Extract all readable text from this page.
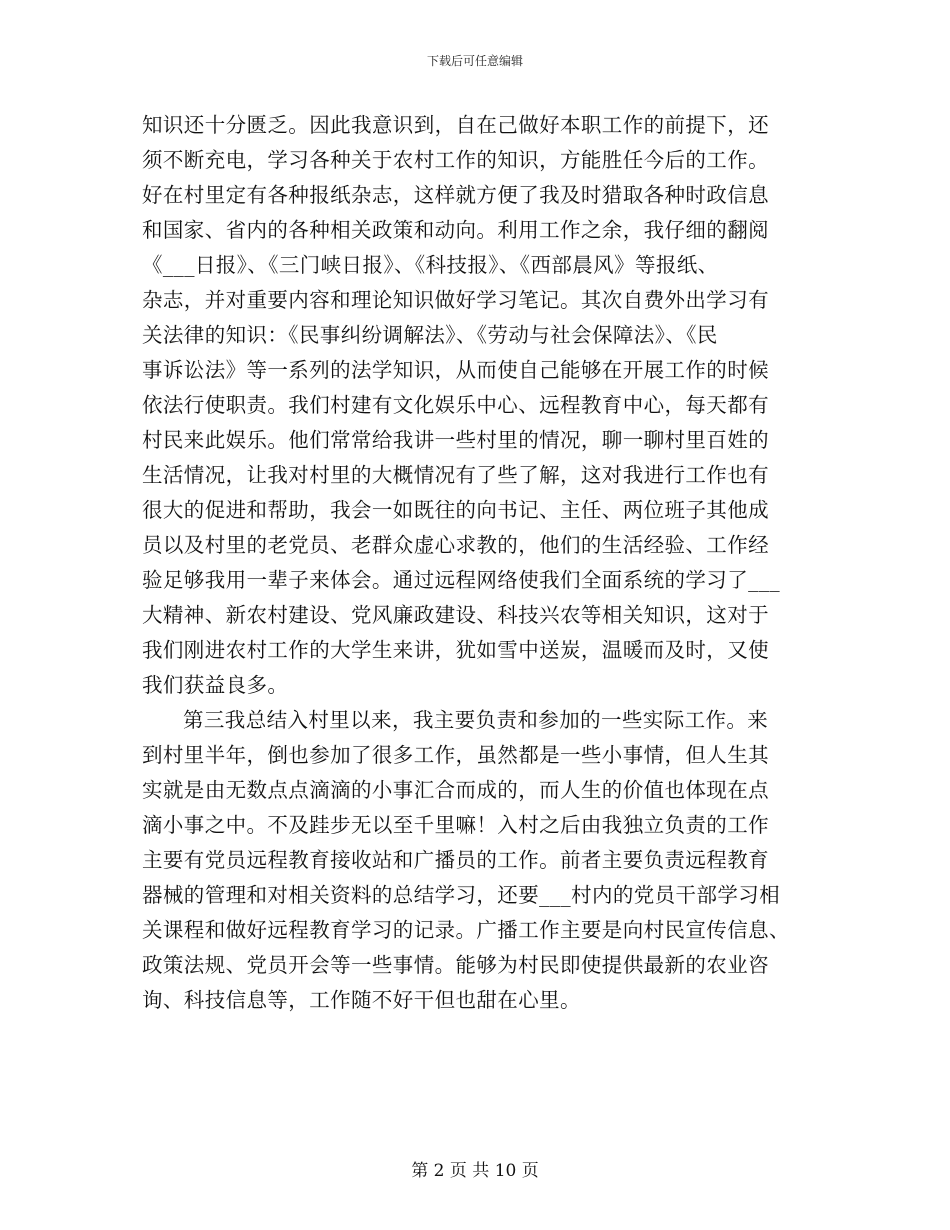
下载后可任意编辑
知识还十分匮乏。因此我意识到，自在己做好本职工作的前提下，还
须不断充电，学习各种关于农村工作的知识，方能胜任今后的工作。
好在村里定有各种报纸杂志，这样就方便了我及时猎取各种时政信息
和国家、省内的各种相关政策和动向。利用工作之余，我仔细的翻阅
《___日报》、《三门峡日报》、《科技报》、《西部晨风》等报纸、
杂志，并对重要内容和理论知识做好学习笔记。其次自费外出学习有
关法律的知识：《民事纠纷调解法》、《劳动与社会保障法》、《民
事诉讼法》等一系列的法学知识，从而使自己能够在开展工作的时候
依法行使职责。我们村建有文化娱乐中心、远程教育中心，每天都有
村民来此娱乐。他们常常给我讲一些村里的情况，聊一聊村里百姓的
生活情况，让我对村里的大概情况有了些了解，这对我进行工作也有
很大的促进和帮助，我会一如既往的向书记、主任、两位班子其他成
员以及村里的老党员、老群众虚心求教的，他们的生活经验、工作经
验足够我用一辈子来体会。通过远程网络使我们全面系统的学习了___
大精神、新农村建设、党风廉政建设、科技兴农等相关知识，这对于
我们刚进农村工作的大学生来讲，犹如雪中送炭，温暖而及时，又使
我们获益良多。
第三我总结入村里以来，我主要负责和参加的一些实际工作。来
到村里半年，倒也参加了很多工作，虽然都是一些小事情，但人生其
实就是由无数点点滴滴的小事汇合而成的，而人生的价值也体现在点
滴小事之中。不及跬步无以至千里嘛！入村之后由我独立负责的工作
主要有党员远程教育接收站和广播员的工作。前者主要负责远程教育
器械的管理和对相关资料的总结学习，还要___村内的党员干部学习相
关课程和做好远程教育学习的记录。广播工作主要是向村民宣传信息、
政策法规、党员开会等一些事情。能够为村民即使提供最新的农业咨
询、科技信息等，工作随不好干但也甜在心里。
第 2 页 共 10 页
